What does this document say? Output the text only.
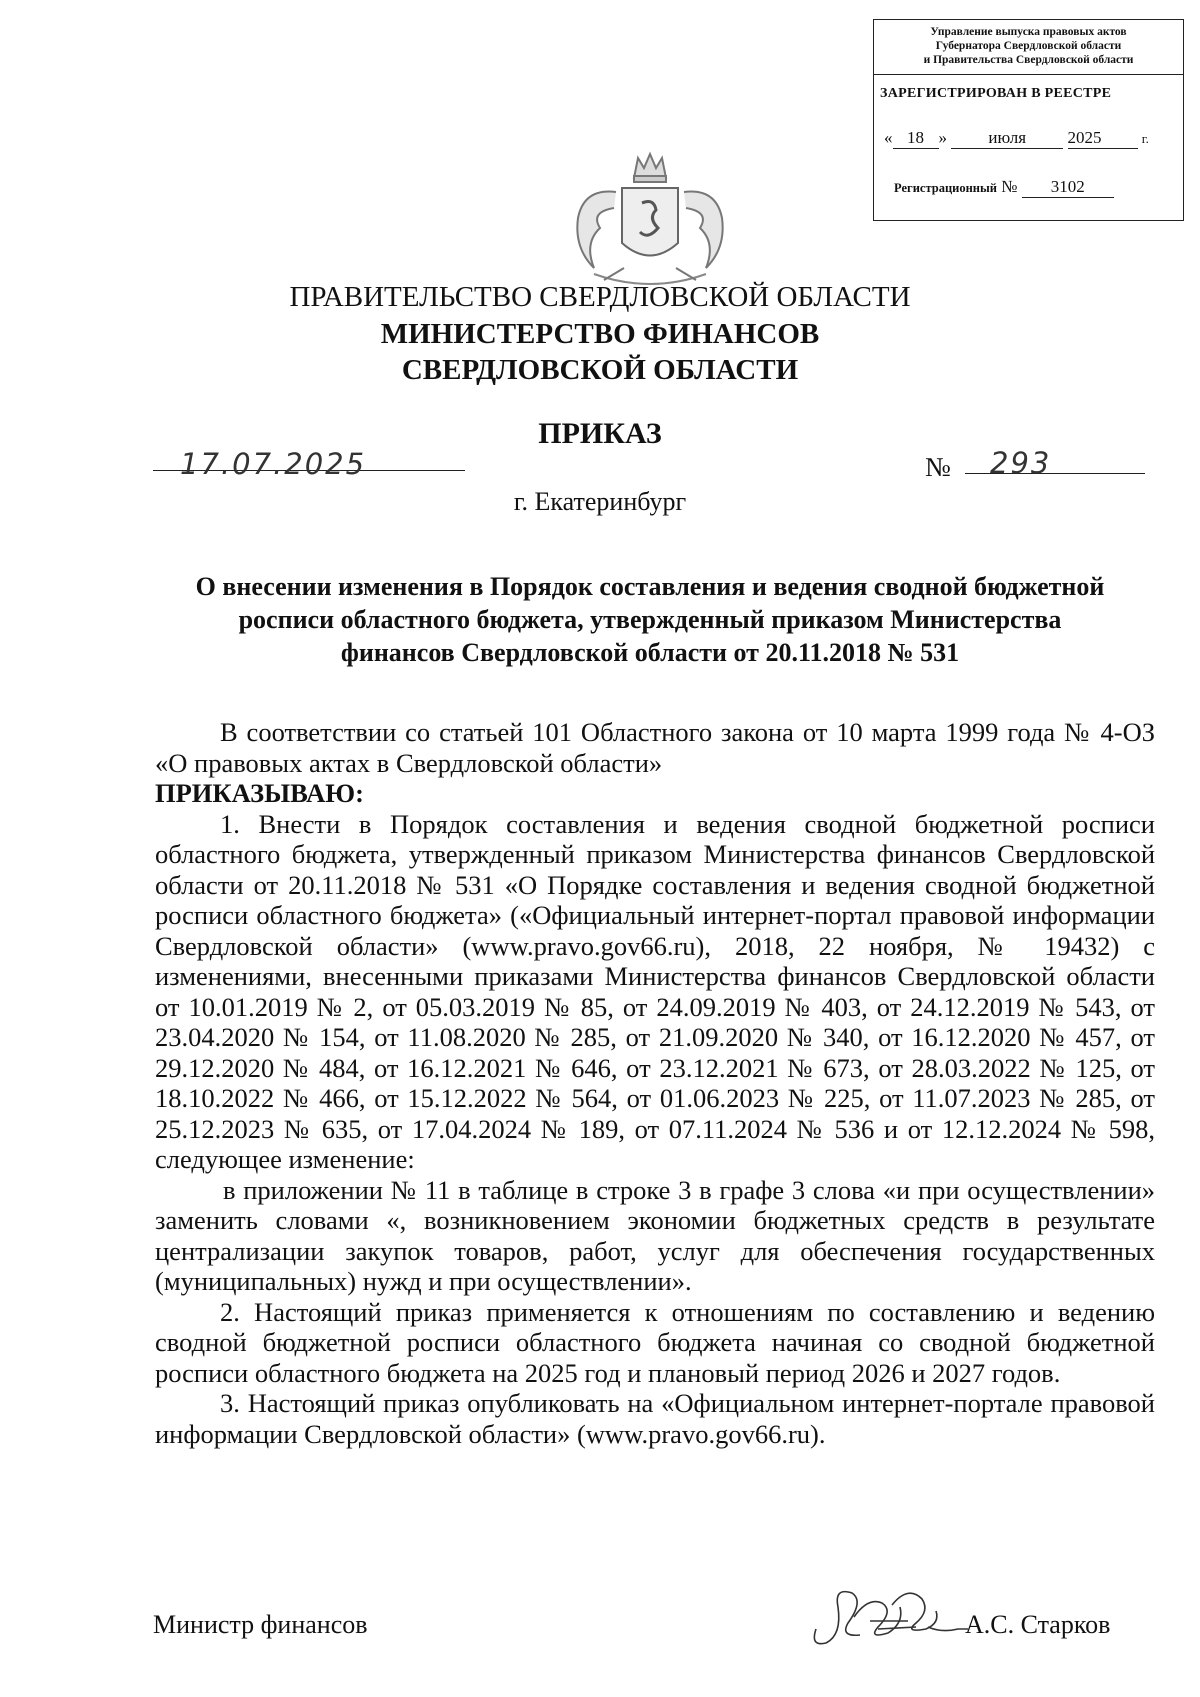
Управление выпуска правовых актов
Губернатора Свердловской области
и Правительства Свердловской области
ЗАРЕГИСТРИРОВАН В РЕЕСТРЕ
« 18 » июля 2025	г.
Регистрационный № 3102
ПРАВИТЕЛЬСТВО СВЕРДЛОВСКОЙ ОБЛАСТИ
МИНИСТЕРСТВО ФИНАНСОВ
СВЕРДЛОВСКОЙ ОБЛАСТИ
ПРИКАЗ
17.07.2025	№ 293
г. Екатеринбург
О внесении изменения в Порядок составления и ведения сводной бюджетной
росписи областного бюджета, утвержденный приказом Министерства
финансов Свердловской области от 20.11.2018 № 531

В соответствии со статьей 101 Областного закона от 10 марта 1999 года № 4-ОЗ «О правовых актах в Свердловской области»

ПРИКАЗЫВАЮ:

1. Внести в Порядок составления и ведения сводной бюджетной росписи областного бюджета, утвержденный приказом Министерства финансов Свердловской области от 20.11.2018 № 531 «О Порядке составления и ведения сводной бюджетной росписи областного бюджета» («Официальный интернет-портал правовой информации Свердловской области» (www.pravo.gov66.ru), 2018, 22 ноября, № 19432) с изменениями, внесенными приказами Министерства финансов Свердловской области от 10.01.2019 № 2, от 05.03.2019 № 85, от 24.09.2019 № 403, от 24.12.2019 № 543, от 23.04.2020 № 154, от 11.08.2020 № 285, от 21.09.2020 № 340, от 16.12.2020 № 457, от 29.12.2020 № 484, от 16.12.2021 № 646, от 23.12.2021 № 673, от 28.03.2022 № 125, от 18.10.2022 № 466, от 15.12.2022 № 564, от 01.06.2023 № 225, от 11.07.2023 № 285, от 25.12.2023 № 635, от 17.04.2024 № 189, от 07.11.2024 № 536 и от 12.12.2024 № 598, следующее изменение:

в приложении № 11 в таблице в строке 3 в графе 3 слова «и при осуществлении» заменить словами «, возникновением экономии бюджетных средств в результате централизации закупок товаров, работ, услуг для обеспечения государственных (муниципальных) нужд и при осуществлении».

2. Настоящий приказ применяется к отношениям по составлению и ведению сводной бюджетной росписи областного бюджета начиная со сводной бюджетной росписи областного бюджета на 2025 год и плановый период 2026 и 2027 годов.

3. Настоящий приказ опубликовать на «Официальном интернет-портале правовой информации Свердловской области» (www.pravo.gov66.ru).

Министр финансов	А.С. Старков
